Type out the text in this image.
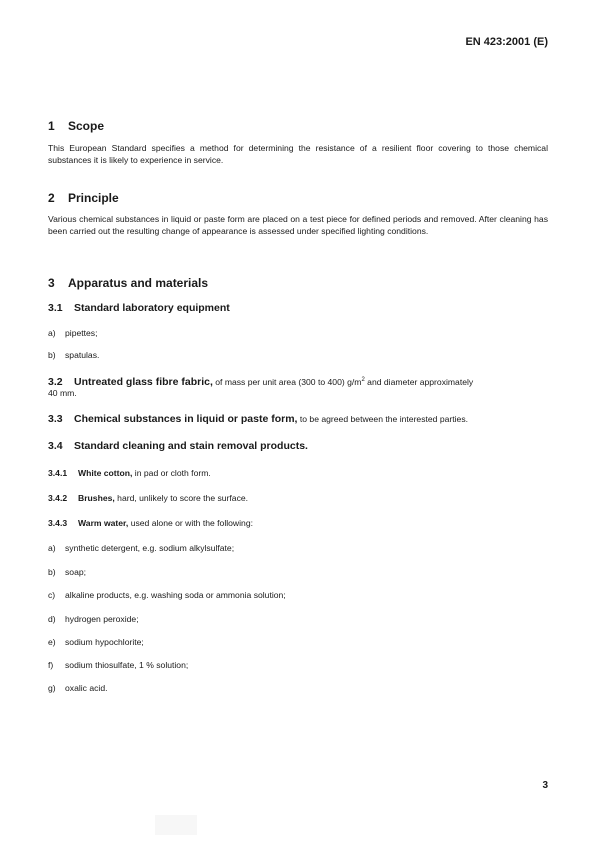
EN 423:2001 (E)
1 Scope
This European Standard specifies a method for determining the resistance of a resilient floor covering to those chemical substances it is likely to experience in service.
2 Principle
Various chemical substances in liquid or paste form are placed on a test piece for defined periods and removed. After cleaning has been carried out the resulting change of appearance is assessed under specified lighting conditions.
3 Apparatus and materials
3.1 Standard laboratory equipment
a) pipettes;
b) spatulas.
3.2 Untreated glass fibre fabric, of mass per unit area (300 to 400) $g/m^2$ and diameter approximately
40 mm.
3.3 Chemical substances in liquid or paste form, to be agreed between the interested parties.
3.4 Standard cleaning and stain removal products.
3.4.1 White cotton, in pad or cloth form.
3.4.2 Brushes, hard, unlikely to score the surface.
3.4.3 Warm water, used alone or with the following:
a) synthetic detergent, e.g. sodium alkylsulfate;
b) soap;
c) alkaline products, e.g. washing soda or ammonia solution;
d) hydrogen peroxide;
e) sodium hypochlorite;
f) sodium thiosulfate, 1 % solution;
g) oxalic acid.
3
